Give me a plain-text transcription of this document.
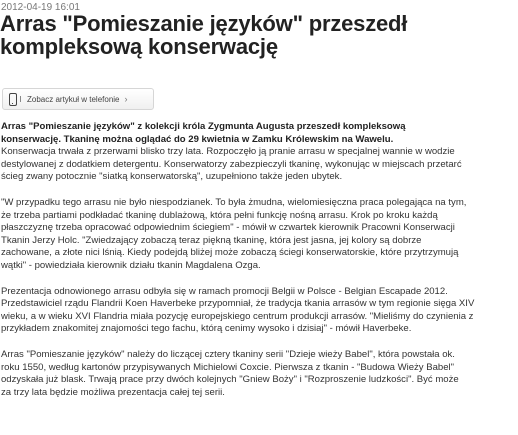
2012-04-19 16:01
Arras "Pomieszanie języków" przeszedł
kompleksową konserwację
Zobacz artykuł w telefonie ›

Arras "Pomieszanie języków" z kolekcji króla Zygmunta Augusta przeszedł kompleksową

konserwację. Tkaninę można oglądać do 29 kwietnia w Zamku Królewskim na Wawelu.

Konserwacja trwała z przerwami blisko trzy lata. Rozpoczęło ją pranie arrasu w specjalnej wannie w wodzie

destylowanej z dodatkiem detergentu. Konserwatorzy zabezpieczyli tkaninę, wykonując w miejscach przetarć

ścieg zwany potocznie "siatką konserwatorską", uzupełniono także jeden ubytek.

"W przypadku tego arrasu nie było niespodzianek. To była żmudna, wielomiesięczna praca polegająca na tym,

że trzeba partiami podkładać tkaninę dublażową, która pełni funkcję nośną arrasu. Krok po kroku każdą

płaszczyznę trzeba opracować odpowiednim ściegiem" - mówił w czwartek kierownik Pracowni Konserwacji

Tkanin Jerzy Holc. "Zwiedzający zobaczą teraz piękną tkaninę, która jest jasna, jej kolory są dobrze

zachowane, a złote nici lśnią. Kiedy podejdą bliżej może zobaczą ściegi konserwatorskie, które przytrzymują

wątki" - powiedziała kierownik działu tkanin Magdalena Ozga.

Prezentacja odnowionego arrasu odbyła się w ramach promocji Belgii w Polsce - Belgian Escapade 2012.

Przedstawiciel rządu Flandrii Koen Haverbeke przypomniał, że tradycja tkania arrasów w tym regionie sięga XIV

wieku, a w wieku XVI Flandria miała pozycję europejskiego centrum produkcji arrasów. "Mieliśmy do czynienia z

przykładem znakomitej znajomości tego fachu, którą cenimy wysoko i dzisiaj" - mówił Haverbeke.

Arras "Pomieszanie języków" należy do liczącej cztery tkaniny serii "Dzieje wieży Babel", która powstała ok.

roku 1550, według kartonów przypisywanych Michielowi Coxcie. Pierwsza z tkanin - "Budowa Wieży Babel"

odzyskała już blask. Trwają prace przy dwóch kolejnych "Gniew Boży" i "Rozproszenie ludzkości". Być może

za trzy lata będzie możliwa prezentacja całej tej serii.
